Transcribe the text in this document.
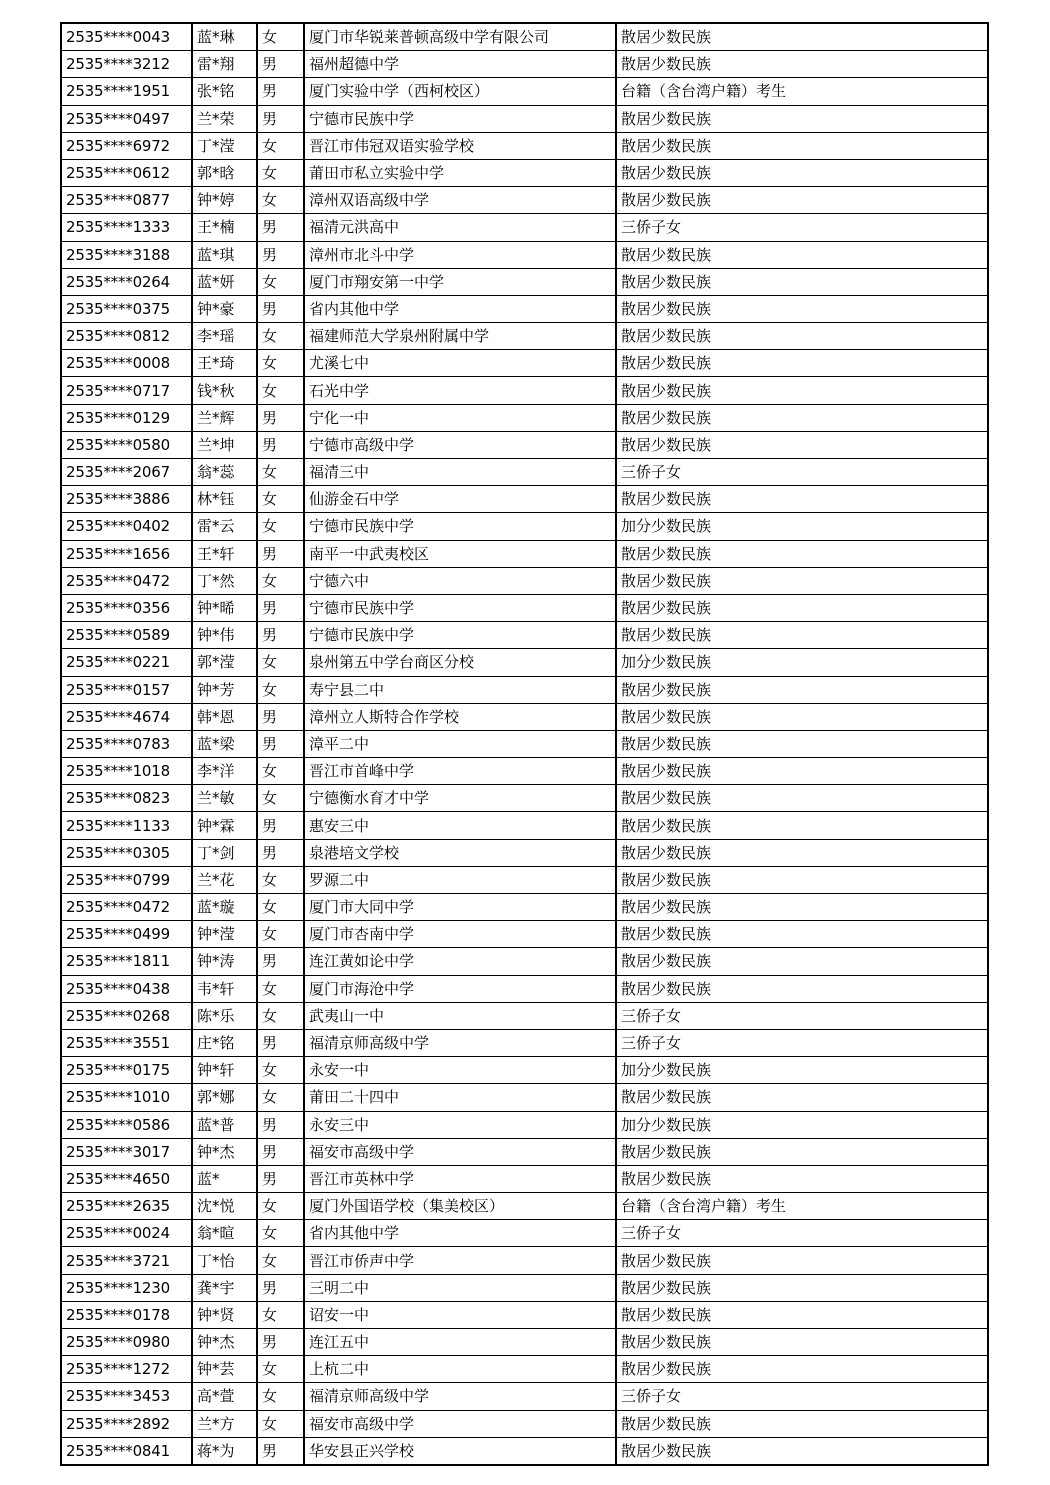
2535****0043	蓝*琳	女	厦门市华锐莱普顿高级中学有限公司	散居少数民族
2535****3212	雷*翔	男	福州超德中学	散居少数民族
2535****1951	张*铭	男	厦门实验中学（西柯校区）	台籍（含台湾户籍）考生
2535****0497	兰*荣	男	宁德市民族中学	散居少数民族
2535****6972	丁*滢	女	晋江市伟冠双语实验学校	散居少数民族
2535****0612	郭*晗	女	莆田市私立实验中学	散居少数民族
2535****0877	钟*婷	女	漳州双语高级中学	散居少数民族
2535****1333	王*楠	男	福清元洪高中	三侨子女
2535****3188	蓝*琪	男	漳州市北斗中学	散居少数民族
2535****0264	蓝*妍	女	厦门市翔安第一中学	散居少数民族
2535****0375	钟*豪	男	省内其他中学	散居少数民族
2535****0812	李*瑶	女	福建师范大学泉州附属中学	散居少数民族
2535****0008	王*琦	女	尤溪七中	散居少数民族
2535****0717	钱*秋	女	石光中学	散居少数民族
2535****0129	兰*辉	男	宁化一中	散居少数民族
2535****0580	兰*坤	男	宁德市高级中学	散居少数民族
2535****2067	翁*蕊	女	福清三中	三侨子女
2535****3886	林*钰	女	仙游金石中学	散居少数民族
2535****0402	雷*云	女	宁德市民族中学	加分少数民族
2535****1656	王*轩	男	南平一中武夷校区	散居少数民族
2535****0472	丁*然	女	宁德六中	散居少数民族
2535****0356	钟*晞	男	宁德市民族中学	散居少数民族
2535****0589	钟*伟	男	宁德市民族中学	散居少数民族
2535****0221	郭*滢	女	泉州第五中学台商区分校	加分少数民族
2535****0157	钟*芳	女	寿宁县二中	散居少数民族
2535****4674	韩*恩	男	漳州立人斯特合作学校	散居少数民族
2535****0783	蓝*梁	男	漳平二中	散居少数民族
2535****1018	李*洋	女	晋江市首峰中学	散居少数民族
2535****0823	兰*敏	女	宁德衡水育才中学	散居少数民族
2535****1133	钟*霖	男	惠安三中	散居少数民族
2535****0305	丁*剑	男	泉港培文学校	散居少数民族
2535****0799	兰*花	女	罗源二中	散居少数民族
2535****0472	蓝*璇	女	厦门市大同中学	散居少数民族
2535****0499	钟*滢	女	厦门市杏南中学	散居少数民族
2535****1811	钟*涛	男	连江黄如论中学	散居少数民族
2535****0438	韦*轩	女	厦门市海沧中学	散居少数民族
2535****0268	陈*乐	女	武夷山一中	三侨子女
2535****3551	庄*铭	男	福清京师高级中学	三侨子女
2535****0175	钟*轩	女	永安一中	加分少数民族
2535****1010	郭*娜	女	莆田二十四中	散居少数民族
2535****0586	蓝*普	男	永安三中	加分少数民族
2535****3017	钟*杰	男	福安市高级中学	散居少数民族
2535****4650	蓝*	男	晋江市英林中学	散居少数民族
2535****2635	沈*悦	女	厦门外国语学校（集美校区）	台籍（含台湾户籍）考生
2535****0024	翁*暄	女	省内其他中学	三侨子女
2535****3721	丁*怡	女	晋江市侨声中学	散居少数民族
2535****1230	龚*宇	男	三明二中	散居少数民族
2535****0178	钟*贤	女	诏安一中	散居少数民族
2535****0980	钟*杰	男	连江五中	散居少数民族
2535****1272	钟*芸	女	上杭二中	散居少数民族
2535****3453	高*萱	女	福清京师高级中学	三侨子女
2535****2892	兰*方	女	福安市高级中学	散居少数民族
2535****0841	蒋*为	男	华安县正兴学校	散居少数民族
